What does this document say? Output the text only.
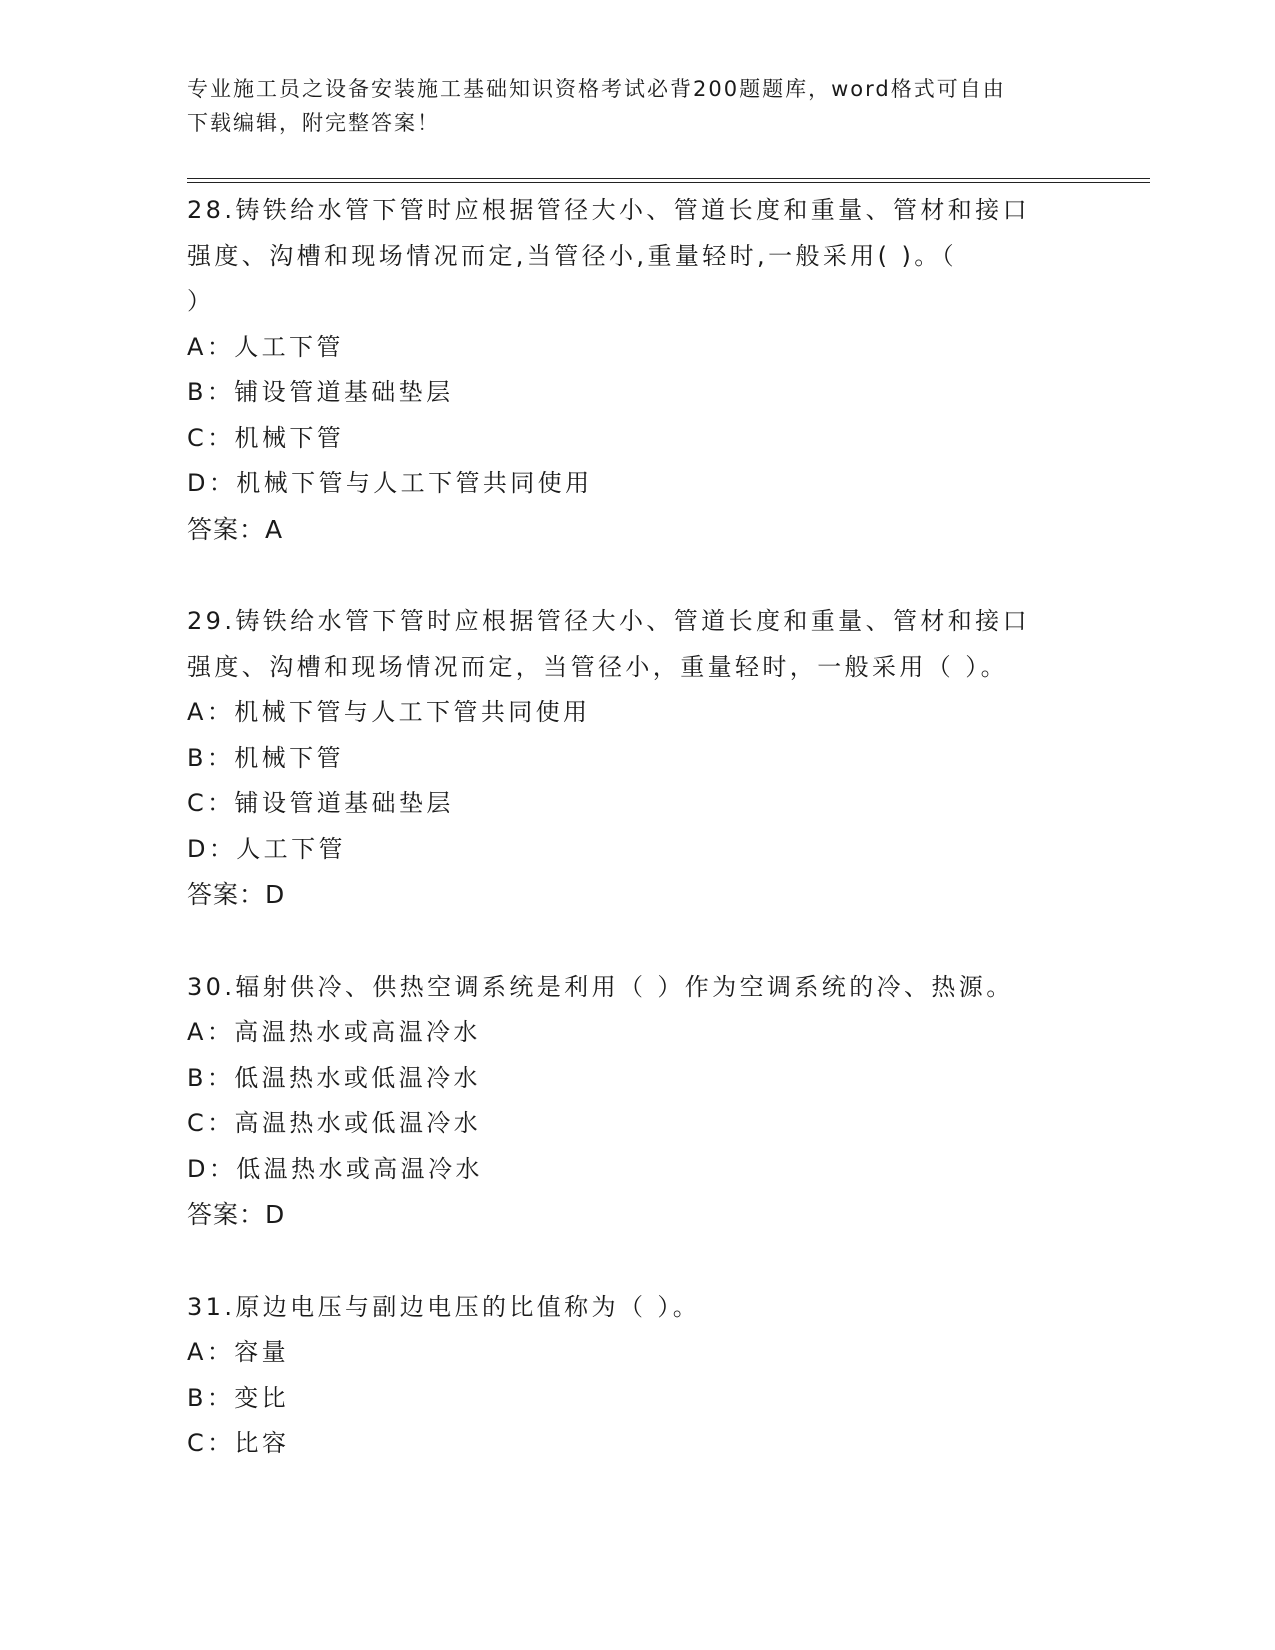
专业施工员之设备安装施工基础知识资格考试必背200题题库，word格式可自由
下载编辑，附完整答案！
28.铸铁给水管下管时应根据管径大小、管道长度和重量、管材和接口
强度、沟槽和现场情况而定,当管径小,重量轻时,一般采用( )。（
）
A：人工下管
B：铺设管道基础垫层
C：机械下管
D：机械下管与人工下管共同使用
答案：A
29.铸铁给水管下管时应根据管径大小、管道长度和重量、管材和接口
强度、沟槽和现场情况而定，当管径小，重量轻时，一般采用（ ）。
A：机械下管与人工下管共同使用
B：机械下管
C：铺设管道基础垫层
D：人工下管
答案：D
30.辐射供冷、供热空调系统是利用（ ）作为空调系统的冷、热源。
A：高温热水或高温冷水
B：低温热水或低温冷水
C：高温热水或低温冷水
D：低温热水或高温冷水
答案：D
31.原边电压与副边电压的比值称为（ ）。
A：容量
B：变比
C：比容
